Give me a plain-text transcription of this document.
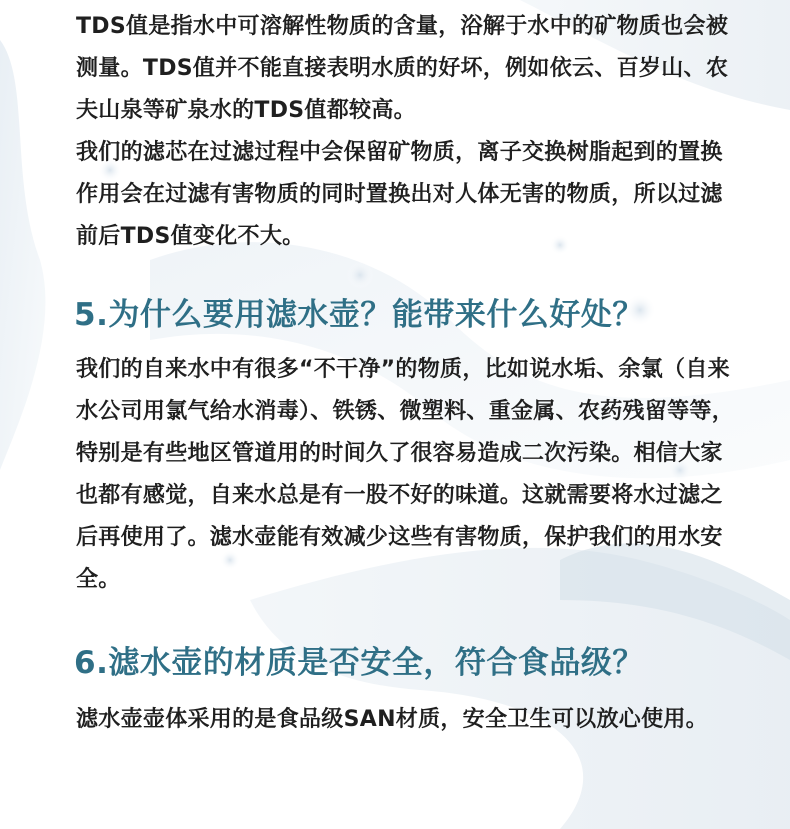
TDS值是指水中可溶解性物质的含量，浴解于水中的矿物质也会被测量。TDS值并不能直接表明水质的好坏，例如依云、百岁山、农夫山泉等矿泉水的TDS值都较高。

我们的滤芯在过滤过程中会保留矿物质，离子交换树脂起到的置换作用会在过滤有害物质的同时置换出对人体无害的物质，所以过滤前后TDS值变化不大。

5.为什么要用滤水壶？能带来什么好处？

我们的自来水中有很多“不干净”的物质，比如说水垢、余氯（自来水公司用氯气给水消毒）、铁锈、微塑料、重金属、农药残留等等，特别是有些地区管道用的时间久了很容易造成二次污染。相信大家也都有感觉，自来水总是有一股不好的味道。这就需要将水过滤之后再使用了。滤水壶能有效减少这些有害物质，保护我们的用水安全。

6.滤水壶的材质是否安全，符合食品级？

滤水壶壶体采用的是食品级SAN材质，安全卫生可以放心使用。
